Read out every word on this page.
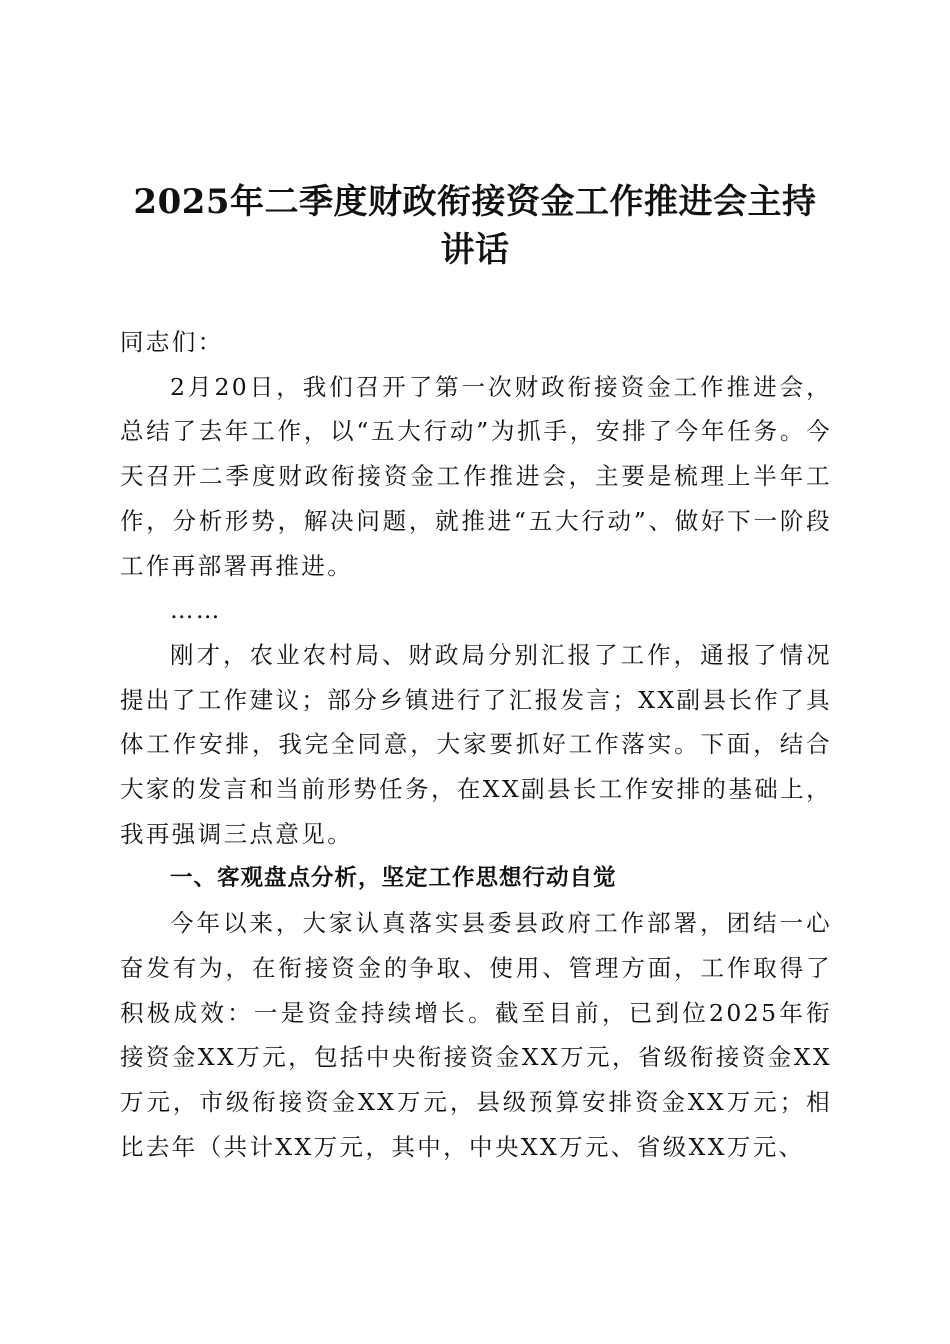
2025年二季度财政衔接资金工作推进会主持
讲话

同志们：

2月20日，我们召开了第一次财政衔接资金工作推进会，总结了去年工作，以“五大行动”为抓手，安排了今年任务。今天召开二季度财政衔接资金工作推进会，主要是梳理上半年工作，分析形势，解决问题，就推进“五大行动”、做好下一阶段工作再部署再推进。

……

刚才，农业农村局、财政局分别汇报了工作，通报了情况提出了工作建议；部分乡镇进行了汇报发言；XX副县长作了具体工作安排，我完全同意，大家要抓好工作落实。下面，结合大家的发言和当前形势任务，在XX副县长工作安排的基础上，我再强调三点意见。

一、客观盘点分析，坚定工作思想行动自觉

今年以来，大家认真落实县委县政府工作部署，团结一心奋发有为，在衔接资金的争取、使用、管理方面，工作取得了积极成效：一是资金持续增长。截至目前，已到位2025年衔接资金XX万元，包括中央衔接资金XX万元，省级衔接资金XX万元，市级衔接资金XX万元，县级预算安排资金XX万元；相比去年（共计XX万元，其中，中央XX万元、省级XX万元、
